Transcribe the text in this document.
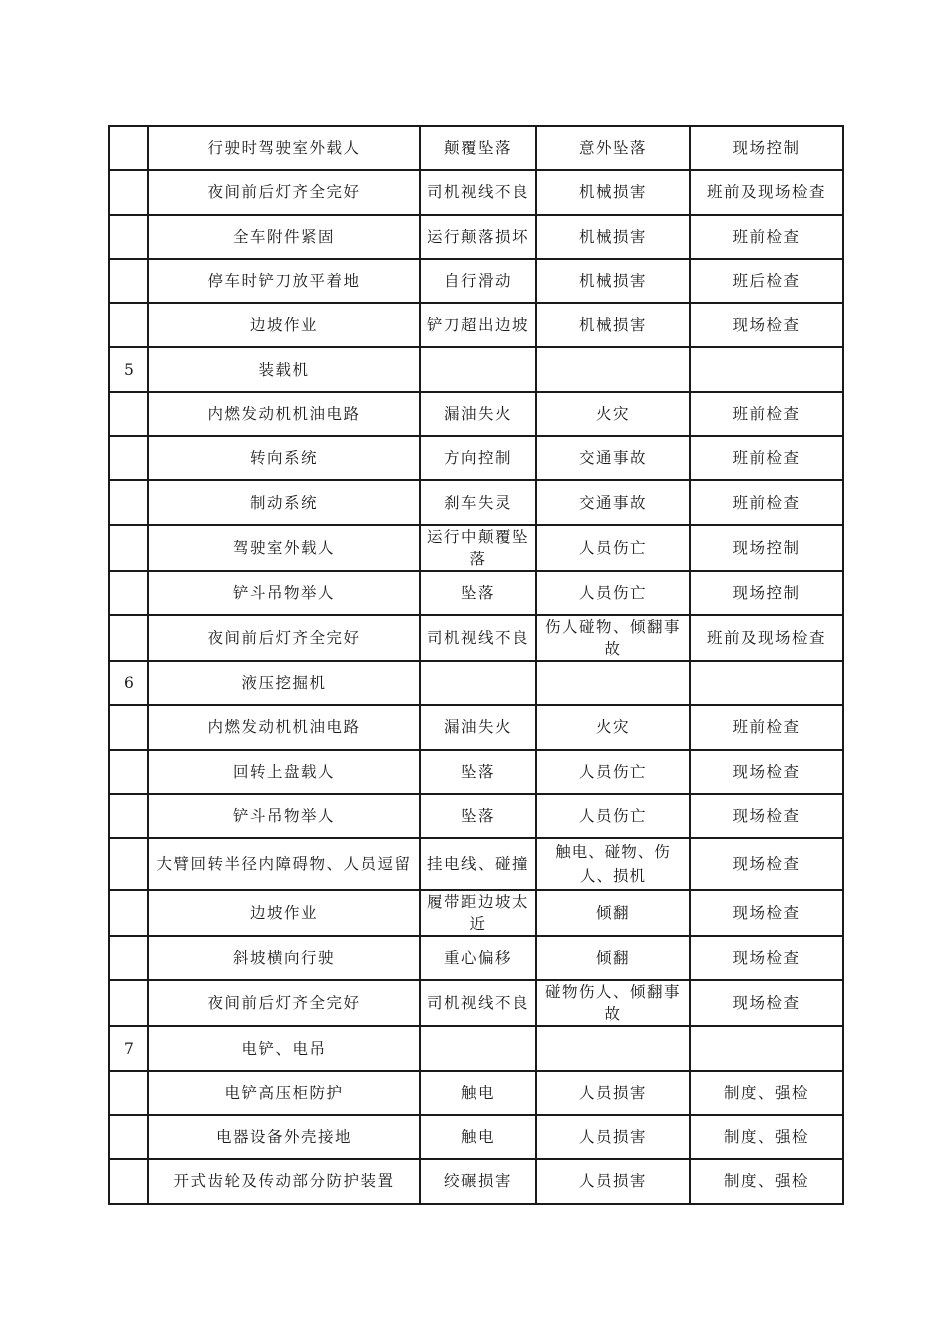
	行驶时驾驶室外载人	颠覆坠落	意外坠落	现场控制
	夜间前后灯齐全完好	司机视线不良	机械损害	班前及现场检查
	全车附件紧固	运行颠落损坏	机械损害	班前检查
	停车时铲刀放平着地	自行滑动	机械损害	班后检查
	边坡作业	铲刀超出边坡	机械损害	现场检查
5	装载机			
	内燃发动机机油电路	漏油失火	火灾	班前检查
	转向系统	方向控制	交通事故	班前检查
	制动系统	刹车失灵	交通事故	班前检查
	驾驶室外载人	运行中颠覆坠落	人员伤亡	现场控制
	铲斗吊物举人	坠落	人员伤亡	现场控制
	夜间前后灯齐全完好	司机视线不良	伤人碰物、倾翻事故	班前及现场检查
6	液压挖掘机			
	内燃发动机机油电路	漏油失火	火灾	班前检查
	回转上盘载人	坠落	人员伤亡	现场检查
	铲斗吊物举人	坠落	人员伤亡	现场检查
	大臂回转半径内障碍物、人员逗留	挂电线、碰撞	触电、碰物、伤人、损机	现场检查
	边坡作业	履带距边坡太近	倾翻	现场检查
	斜坡横向行驶	重心偏移	倾翻	现场检查
	夜间前后灯齐全完好	司机视线不良	碰物伤人、倾翻事故	现场检查
7	电铲、电吊			
	电铲高压柜防护	触电	人员损害	制度、强检
	电器设备外壳接地	触电	人员损害	制度、强检
	开式齿轮及传动部分防护装置	绞碾损害	人员损害	制度、强检
